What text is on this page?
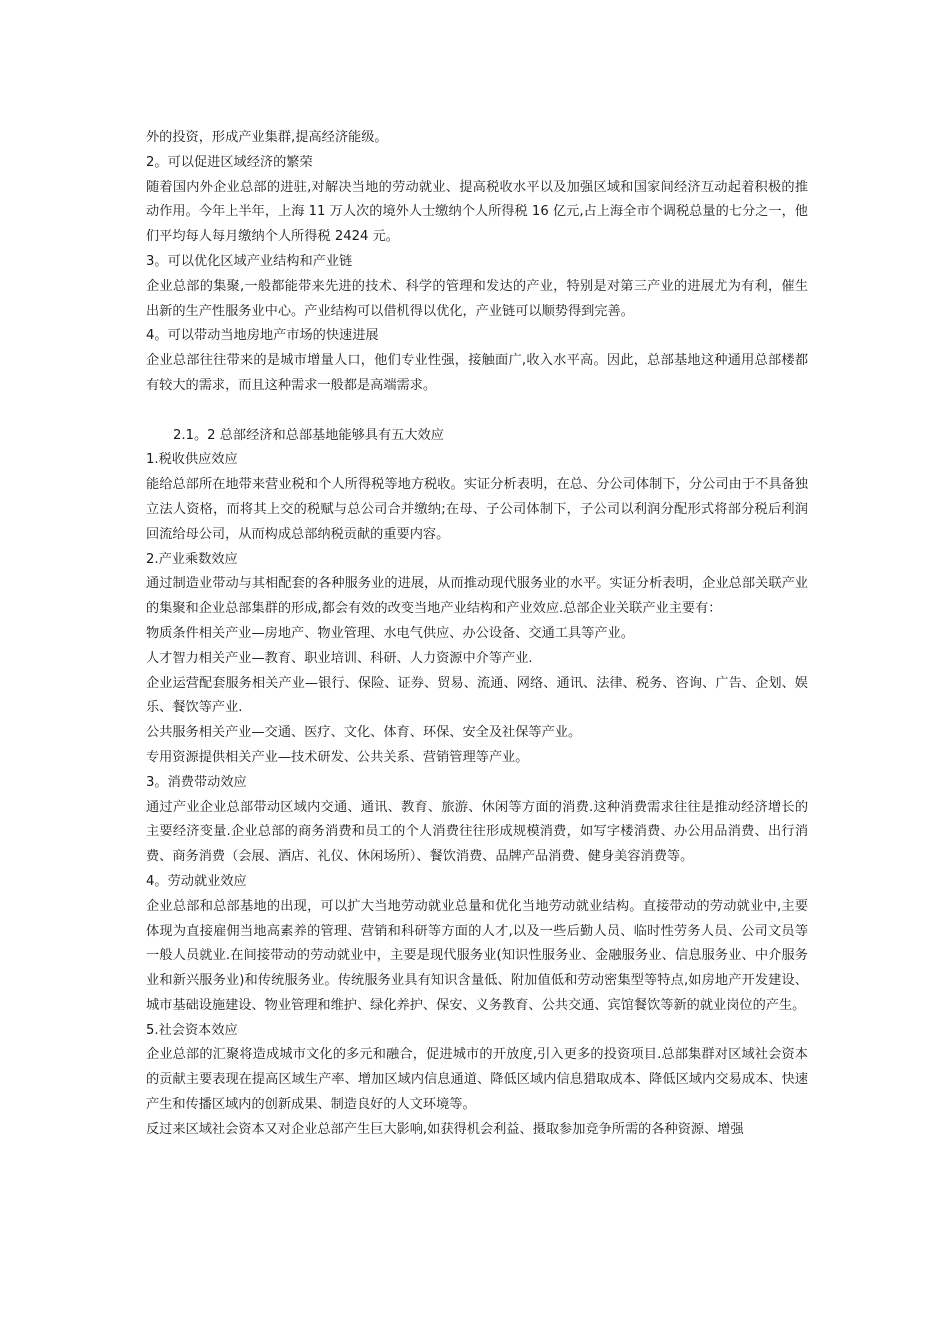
外的投资，形成产业集群,提高经济能级。

2。可以促进区域经济的繁荣

随着国内外企业总部的进驻,对解决当地的劳动就业、提高税收水平以及加强区域和国家间经济互动起着积极的推动作用。今年上半年，上海 11 万人次的境外人士缴纳个人所得税 16 亿元,占上海全市个调税总量的七分之一，他们平均每人每月缴纳个人所得税 2424 元。

3。可以优化区域产业结构和产业链

企业总部的集聚,一般都能带来先进的技术、科学的管理和发达的产业，特别是对第三产业的进展尤为有利，催生出新的生产性服务业中心。产业结构可以借机得以优化，产业链可以顺势得到完善。

4。可以带动当地房地产市场的快速进展

企业总部往往带来的是城市增量人口，他们专业性强，接触面广,收入水平高。因此，总部基地这种通用总部楼都有较大的需求，而且这种需求一般都是高端需求。

2.1。2 总部经济和总部基地能够具有五大效应

1.税收供应效应

能给总部所在地带来营业税和个人所得税等地方税收。实证分析表明，在总、分公司体制下，分公司由于不具备独立法人资格，而将其上交的税赋与总公司合并缴纳;在母、子公司体制下，子公司以利润分配形式将部分税后利润回流给母公司，从而构成总部纳税贡献的重要内容。

2.产业乘数效应

通过制造业带动与其相配套的各种服务业的进展，从而推动现代服务业的水平。实证分析表明，企业总部关联产业的集聚和企业总部集群的形成,都会有效的改变当地产业结构和产业效应.总部企业关联产业主要有：

物质条件相关产业—房地产、物业管理、水电气供应、办公设备、交通工具等产业。

人才智力相关产业—教育、职业培训、科研、人力资源中介等产业.

企业运营配套服务相关产业—银行、保险、证券、贸易、流通、网络、通讯、法律、税务、咨询、广告、企划、娱乐、餐饮等产业.

公共服务相关产业—交通、医疗、文化、体育、环保、安全及社保等产业。

专用资源提供相关产业—技术研发、公共关系、营销管理等产业。

3。消费带动效应

通过产业企业总部带动区域内交通、通讯、教育、旅游、休闲等方面的消费.这种消费需求往往是推动经济增长的主要经济变量.企业总部的商务消费和员工的个人消费往往形成规模消费，如写字楼消费、办公用品消费、出行消费、商务消费（会展、酒店、礼仪、休闲场所）、餐饮消费、品牌产品消费、健身美容消费等。

4。劳动就业效应

企业总部和总部基地的出现，可以扩大当地劳动就业总量和优化当地劳动就业结构。直接带动的劳动就业中,主要体现为直接雇佣当地高素养的管理、营销和科研等方面的人才,以及一些后勤人员、临时性劳务人员、公司文员等一般人员就业.在间接带动的劳动就业中，主要是现代服务业(知识性服务业、金融服务业、信息服务业、中介服务业和新兴服务业)和传统服务业。传统服务业具有知识含量低、附加值低和劳动密集型等特点,如房地产开发建设、城市基础设施建设、物业管理和维护、绿化养护、保安、义务教育、公共交通、宾馆餐饮等新的就业岗位的产生。

5.社会资本效应

企业总部的汇聚将造成城市文化的多元和融合，促进城市的开放度,引入更多的投资项目.总部集群对区域社会资本的贡献主要表现在提高区域生产率、增加区域内信息通道、降低区域内信息猎取成本、降低区域内交易成本、快速产生和传播区域内的创新成果、制造良好的人文环境等。

反过来区域社会资本又对企业总部产生巨大影响,如获得机会利益、摄取参加竞争所需的各种资源、增强
